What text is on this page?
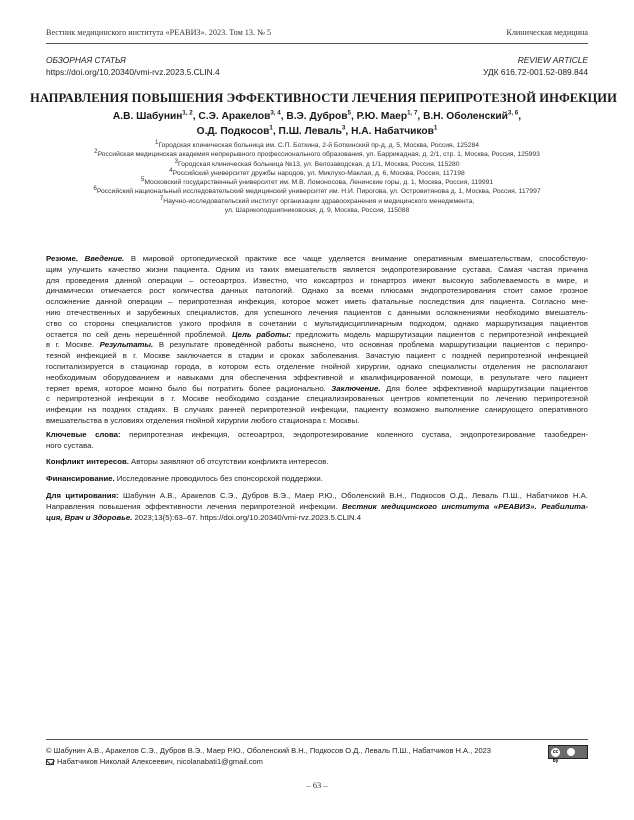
Вестник медицинского института «РЕАВИЗ». 2023. Том 13. № 5	Клиническая медицина
ОБЗОРНАЯ СТАТЬЯ
https://doi.org/10.20340/vmi-rvz.2023.5.CLIN.4
REVIEW ARTICLE
УДК 616.72-001.52-089.844
НАПРАВЛЕНИЯ ПОВЫШЕНИЯ ЭФФЕКТИВНОСТИ ЛЕЧЕНИЯ ПЕРИПРОТЕЗНОЙ ИНФЕКЦИИ
А.В. Шабунин$^{1, 2}$, С.Э. Аракелов$^{3, 4}$, В.Э. Дубров$^5$, Р.Ю. Маер$^{1, 7}$, В.Н. Оболенский$^{3, 6}$,
О.Д. Подкосов$^1$, П.Ш. Леваль$^3$, Н.А. Набатчиков$^1$
$^1$Городская клиническая больница им. С.П. Боткина, 2-й Боткинский пр-д, д. 5, Москва, Россия, 125284
$^2$Российская медицинская академия непрерывного профессионального образования, ул. Баррикадная, д. 2/1, стр. 1, Москва, Россия, 125993
$^3$Городская клиническая больница №13, ул. Велозаводская, д 1/1, Москва, Россия, 115280
$^4$Российский университет дружбы народов, ул. Миклухо-Маклая, д. 6, Москва, Россия, 117198
$^5$Московский государственный университет им. М.В. Ломоносова, Ленинские горы, д. 1, Москва, Россия, 119991
$^6$Российский национальный исследовательский медицинский университет им. Н.И. Пирогова, ул. Островитянова д. 1, Москва, Россия, 117997
$^7$Научно-исследовательский институт организации здравоохранения и медицинского менеджмента,
ул. Шарикоподшипниковская, д. 9, Москва, Россия, 115088
Резюме. Введение. В мировой ортопедической практике все чаще уделяется внимание оперативным вмешательствам, способствую-
щим улучшить качество жизни пациента. Одним из таких вмешательств является эндопротезирование сустава. Самая частая причина
для проведения данной операции – остеоартроз. Известно, что коксартроз и гонартроз имеют высокую заболеваемость в мире, и
динамически отмечается рост количества данных патологий. Однако за всеми плюсами эндопротезирования стоит самое грозное
осложнение данной операции – перипротезная инфекция, которое может иметь фатальные последствия для пациента. Согласно мне-
нию отечественных и зарубежных специалистов, для успешного лечения пациентов с данными осложнениями необходимо вмешатель-
ство со стороны специалистов узкого профиля в сочетании с мультидисциплинарным подходом, однако маршрутизация пациентов
остается по сей день нерешённой проблемой. Цель работы: предложить модель маршрутизации пациентов с перипротезной инфекцией
в г. Москве. Результаты. В результате проведённой работы выяснено, что основная проблема маршрутизации пациентов с перипро-
тезной инфекцией в г. Москве заключается в стадии и сроках заболевания. Зачастую пациент с поздней перипротезной инфекцией
госпитализируется в стационар города, в котором есть отделение гнойной хирургии, однако специалисты отделения не располагают
необходимым оборудованием и навыками для обеспечения эффективной и квалифицированной помощи, в результате чего пациент
теряет время, которое можно было бы потратить более рационально. Заключение. Для более эффективной маршрутизации пациентов
с перипротезной инфекции в г. Москве необходимо создание специализированных центров компетенции по лечению перипротезной
инфекции на поздних стадиях. В случаях ранней перипротезной инфекции, пациенту возможно выполнение санирующего оперативного
вмешательства в условиях отделения гнойной хирургии любого стационара г. Москвы.
Ключевые слова: перипротезная инфекция, остеоартроз, эндопротезирование коленного сустава, эндопротезирование тазобедрен-
ного сустава.
Конфликт интересов. Авторы заявляют об отсутствии конфликта интересов.
Финансирование. Исследование проводилось без спонсорской поддержки.
Для цитирования: Шабунин А.В., Аракелов С.Э., Дубров В.Э., Маер Р.Ю., Оболенский В.Н., Подкосов О.Д., Леваль П.Ш., Набатчиков Н.А.
Направления повышения эффективности лечения перипротезной инфекции. Вестник медицинского института «РЕАВИЗ». Реабилита-
ция, Врач и Здоровье. 2023;13(5):63–67. https://doi.org/10.20340/vmi-rvz.2023.5.CLIN.4
© Шабунин А.В., Аракелов С.Э., Дубров В.Э., Маер Р.Ю., Оболенский В.Н., Подкосов О.Д., Леваль П.Ш., Набатчиков Н.А., 2023
Набатчиков Николай Алексеевич, nicolanabati1@gmail.com
cc by
– 63 –
